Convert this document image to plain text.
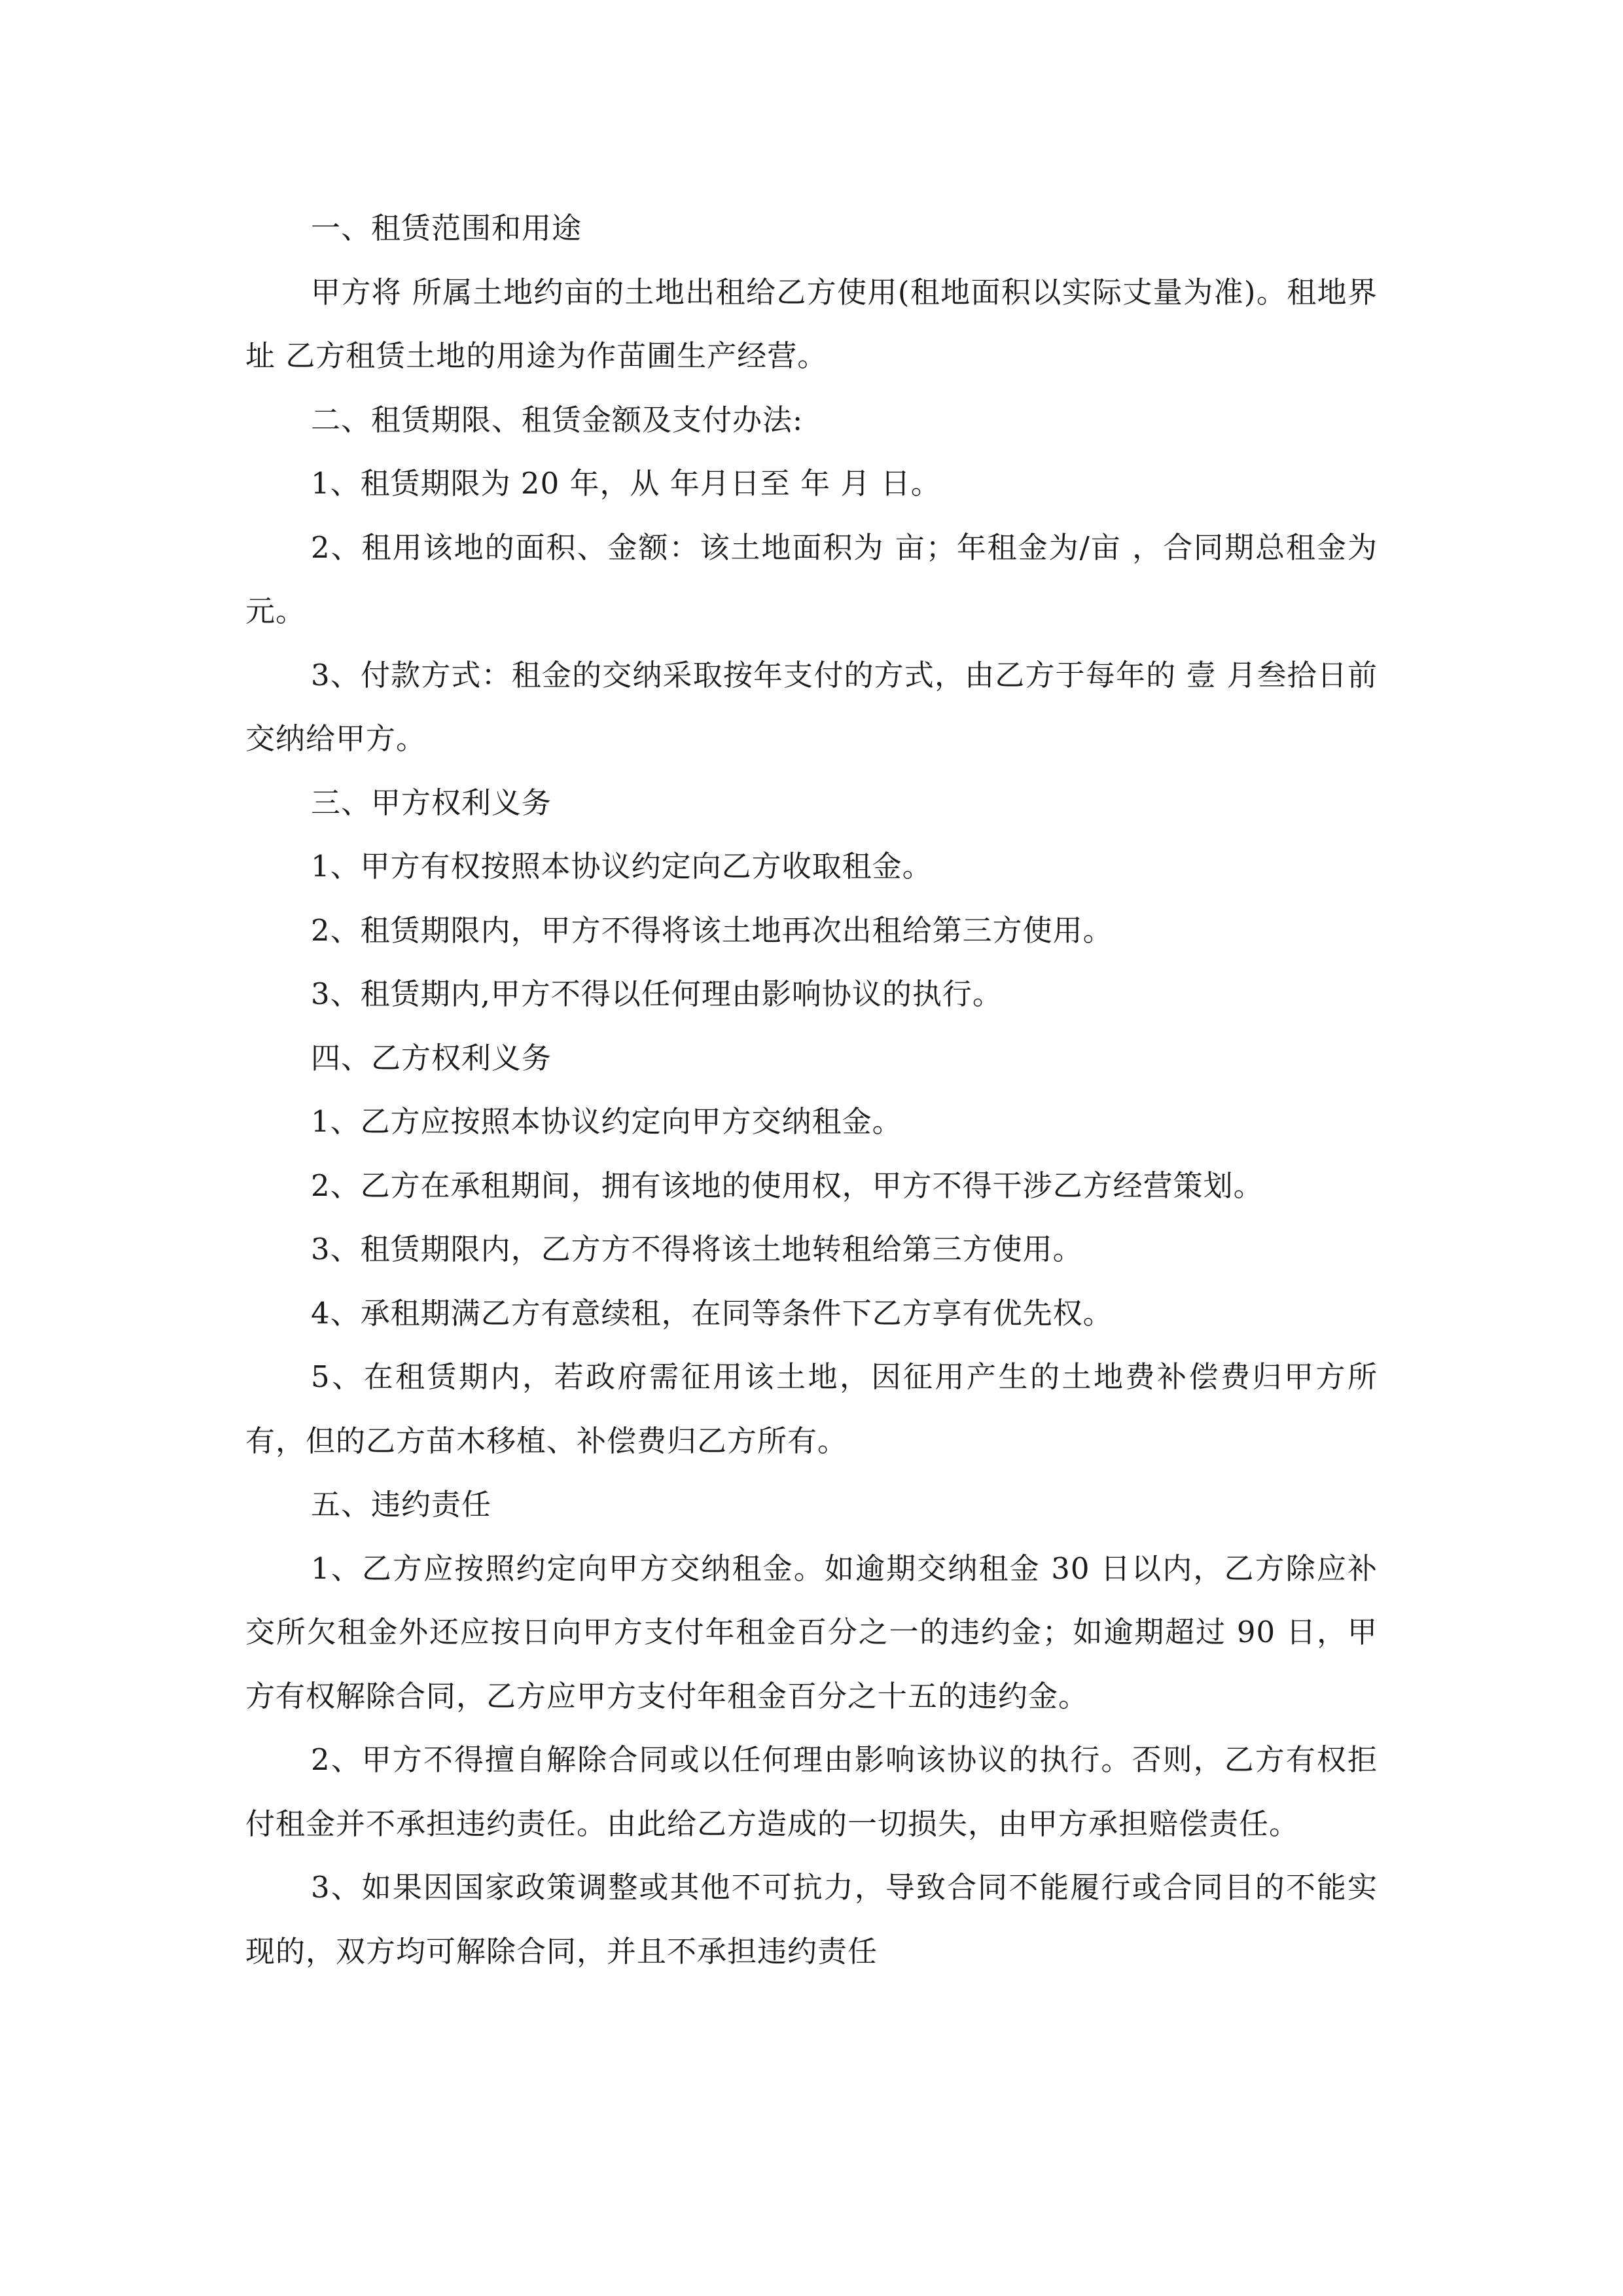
一、租赁范围和用途

甲方将 所属土地约亩的土地出租给乙方使用(租地面积以实际丈量为准)。租地界址 乙方租赁土地的用途为作苗圃生产经营。

二、租赁期限、租赁金额及支付办法:

1、租赁期限为 20 年，从 年月日至 年 月 日。

2、租用该地的面积、金额：该土地面积为 亩；年租金为/亩 ，合同期总租金为 元。

3、付款方式：租金的交纳采取按年支付的方式，由乙方于每年的 壹 月叁拾日前交纳给甲方。

三、甲方权利义务

1、甲方有权按照本协议约定向乙方收取租金。

2、租赁期限内，甲方不得将该土地再次出租给第三方使用。

3、租赁期内,甲方不得以任何理由影响协议的执行。

四、乙方权利义务

1、乙方应按照本协议约定向甲方交纳租金。

2、乙方在承租期间，拥有该地的使用权，甲方不得干涉乙方经营策划。

3、租赁期限内，乙方方不得将该土地转租给第三方使用。

4、承租期满乙方有意续租，在同等条件下乙方享有优先权。

5、在租赁期内，若政府需征用该土地，因征用产生的土地费补偿费归甲方所有，但的乙方苗木移植、补偿费归乙方所有。

五、违约责任

1、乙方应按照约定向甲方交纳租金。如逾期交纳租金 30 日以内，乙方除应补交所欠租金外还应按日向甲方支付年租金百分之一的违约金；如逾期超过 90 日，甲方有权解除合同，乙方应甲方支付年租金百分之十五的违约金。

2、甲方不得擅自解除合同或以任何理由影响该协议的执行。否则，乙方有权拒付租金并不承担违约责任。由此给乙方造成的一切损失，由甲方承担赔偿责任。

3、如果因国家政策调整或其他不可抗力，导致合同不能履行或合同目的不能实现的，双方均可解除合同，并且不承担违约责任
